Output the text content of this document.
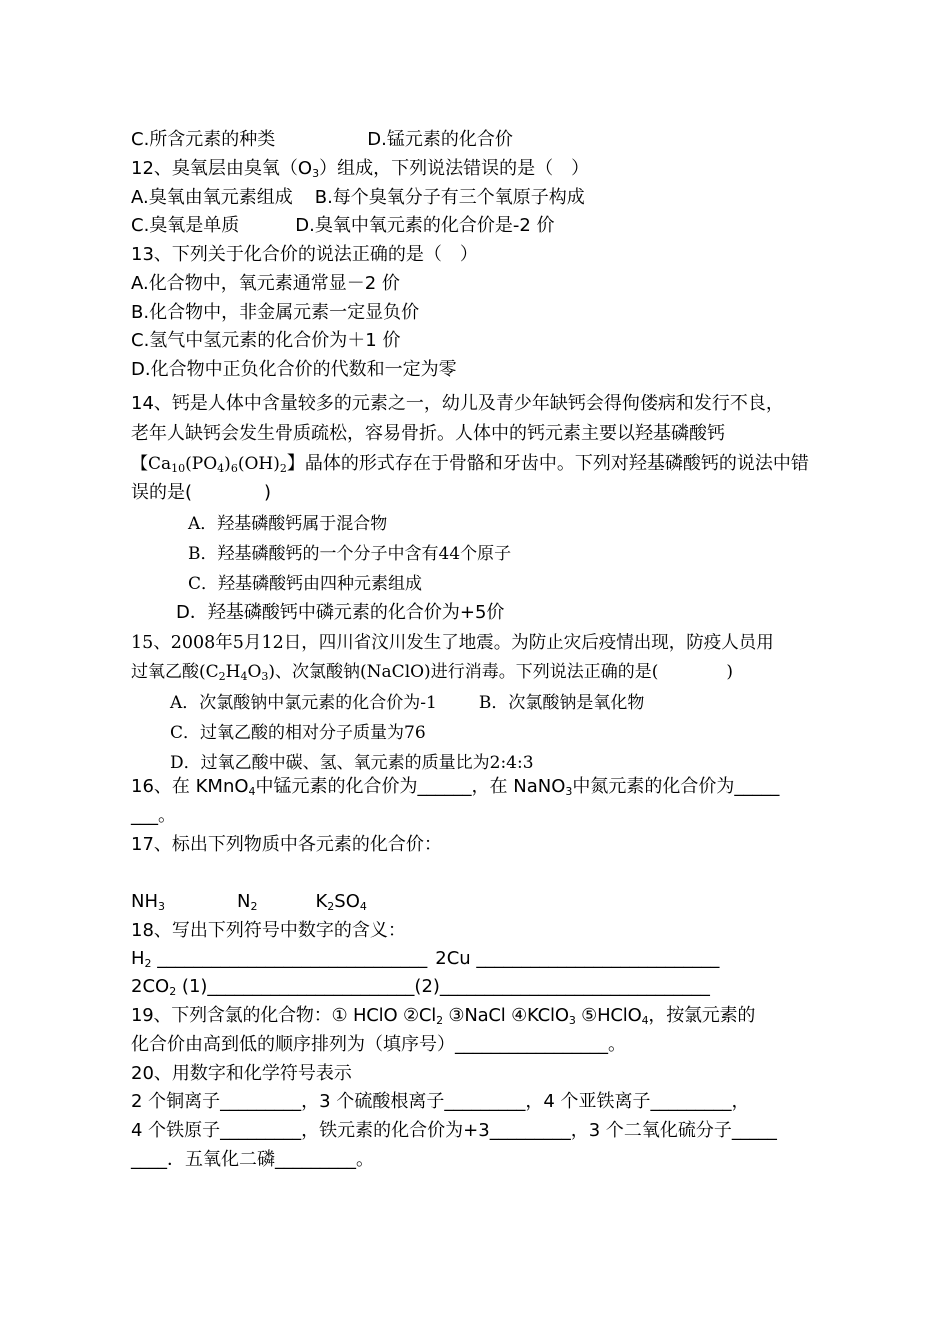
C.所含元素的种类	D.锰元素的化合价
12、臭氧层由臭氧$(O_3)$组成，下列说法错误的是（　）
A.臭氧由氧元素组成 B.每个臭氧分子有三个氧原子构成
C.臭氧是单质	D.臭氧中氧元素的化合价是-2 价
13、下列关于化合价的说法正确的是（　）
A.化合物中，氧元素通常显－2 价
B.化合物中，非金属元素一定显负价
C.氢气中氢元素的化合价为＋1 价
D.化合物中正负化合价的代数和一定为零
14、钙是人体中含量较多的元素之一，幼儿及青少年缺钙会得佝偻病和发行不良，
老年人缺钙会发生骨质疏松，容易骨折。人体中的钙元素主要以羟基磷酸钙
【$Ca_{10}(PO_4)_6(OH)_2$】晶体的形式存在于骨骼和牙齿中。下列对羟基磷酸钙的说法中错
误的是(　　　　)
A．羟基磷酸钙属于混合物
B．羟基磷酸钙的一个分子中含有44个原子
C．羟基磷酸钙由四种元素组成
D．羟基磷酸钙中磷元素的化合价为+5价
15、2008年5月12日，四川省汶川发生了地震。为防止灾后疫情出现，防疫人员用
过氧乙酸$(C_2H_4O_3)$、次氯酸钠(NaClO)进行消毒。下列说法正确的是(　　　　)
A．次氯酸钠中氯元素的化合价为-1 B．次氯酸钠是氧化物
C．过氧乙酸的相对分子质量为76
D．过氧乙酸中碳、氢、氧元素的质量比为2:4:3
16、在 KMnO$_4$中锰元素的化合价为______，在 NaNO$_3$中氮元素的化合价为_____
___。
17、标出下列物质中各元素的化合价：
$NH_3$	$N_2$	$K_2SO_4$
18、写出下列符号中数字的含义：
$H_2$ ______________________________ 2Cu ___________________________
$2CO_2$ (1)_______________________(2)______________________________
19、下列含氯的化合物：① HClO $②Cl_2$ ③NaCl ④KClO$_3$ ⑤HClO$_4$，按氯元素的
化合价由高到低的顺序排列为（填序号）_________________。
20、用数字和化学符号表示
2 个铜离子_________，3 个硫酸根离子_________，4 个亚铁离子_________，
4 个铁原子_________，铁元素的化合价为+3_________，3 个二氧化硫分子_____
____．五氧化二磷_________。
